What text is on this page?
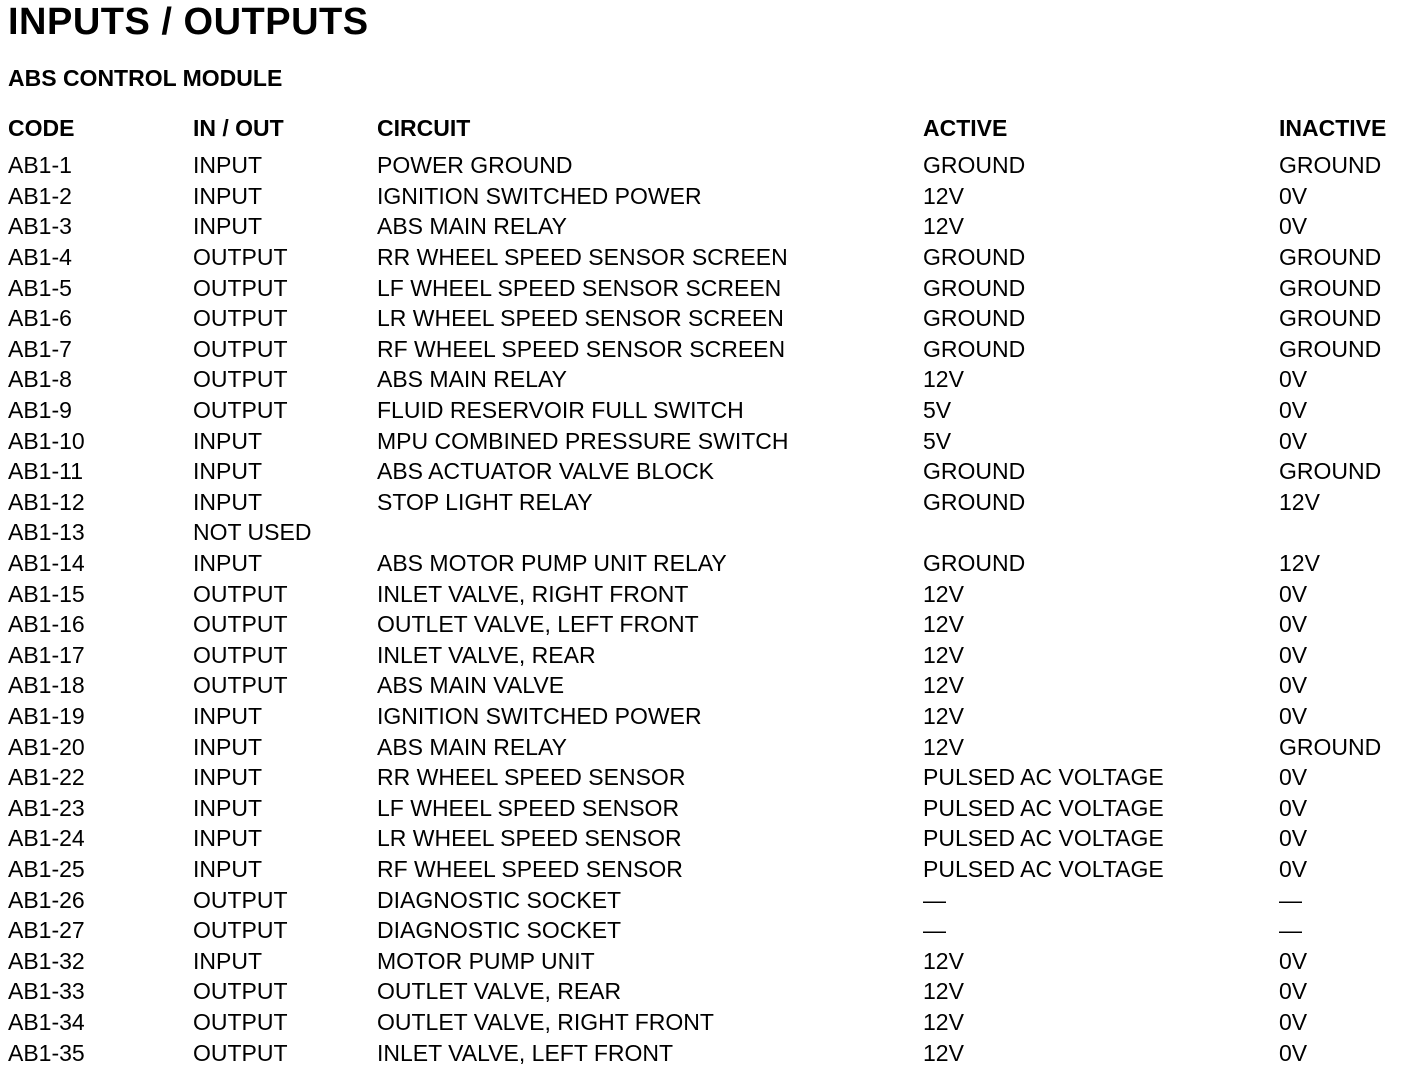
INPUTS / OUTPUTS
ABS CONTROL MODULE
CODE	IN / OUT	CIRCUIT	ACTIVE	INACTIVE
AB1-1	INPUT	POWER GROUND	GROUND	GROUND
AB1-2	INPUT	IGNITION SWITCHED POWER	12V	0V
AB1-3	INPUT	ABS MAIN RELAY	12V	0V
AB1-4	OUTPUT	RR WHEEL SPEED SENSOR SCREEN	GROUND	GROUND
AB1-5	OUTPUT	LF WHEEL SPEED SENSOR SCREEN	GROUND	GROUND
AB1-6	OUTPUT	LR WHEEL SPEED SENSOR SCREEN	GROUND	GROUND
AB1-7	OUTPUT	RF WHEEL SPEED SENSOR SCREEN	GROUND	GROUND
AB1-8	OUTPUT	ABS MAIN RELAY	12V	0V
AB1-9	OUTPUT	FLUID RESERVOIR FULL SWITCH	5V	0V
AB1-10	INPUT	MPU COMBINED PRESSURE SWITCH	5V	0V
AB1-11	INPUT	ABS ACTUATOR VALVE BLOCK	GROUND	GROUND
AB1-12	INPUT	STOP LIGHT RELAY	GROUND	12V
AB1-13	NOT USED			
AB1-14	INPUT	ABS MOTOR PUMP UNIT RELAY	GROUND	12V
AB1-15	OUTPUT	INLET VALVE, RIGHT FRONT	12V	0V
AB1-16	OUTPUT	OUTLET VALVE, LEFT FRONT	12V	0V
AB1-17	OUTPUT	INLET VALVE, REAR	12V	0V
AB1-18	OUTPUT	ABS MAIN VALVE	12V	0V
AB1-19	INPUT	IGNITION SWITCHED POWER	12V	0V
AB1-20	INPUT	ABS MAIN RELAY	12V	GROUND
AB1-22	INPUT	RR WHEEL SPEED SENSOR	PULSED AC VOLTAGE	0V
AB1-23	INPUT	LF WHEEL SPEED SENSOR	PULSED AC VOLTAGE	0V
AB1-24	INPUT	LR WHEEL SPEED SENSOR	PULSED AC VOLTAGE	0V
AB1-25	INPUT	RF WHEEL SPEED SENSOR	PULSED AC VOLTAGE	0V
AB1-26	OUTPUT	DIAGNOSTIC SOCKET	—	—
AB1-27	OUTPUT	DIAGNOSTIC SOCKET	—	—
AB1-32	INPUT	MOTOR PUMP UNIT	12V	0V
AB1-33	OUTPUT	OUTLET VALVE, REAR	12V	0V
AB1-34	OUTPUT	OUTLET VALVE, RIGHT FRONT	12V	0V
AB1-35	OUTPUT	INLET VALVE, LEFT FRONT	12V	0V
